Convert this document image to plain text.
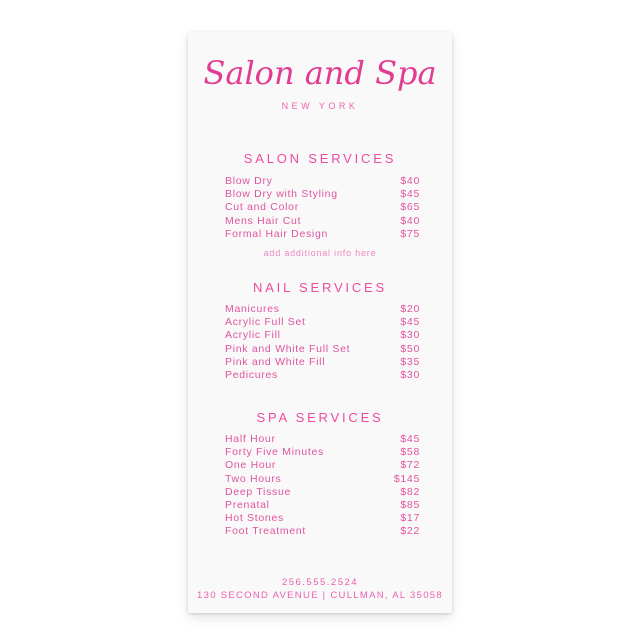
Salon and Spa
NEW YORK
SALON SERVICES
Blow Dry	$40
Blow Dry with Styling	$45
Cut and Color	$65
Mens Hair Cut	$40
Formal Hair Design	$75
add additional info here
NAIL SERVICES
Manicures	$20
Acrylic Full Set	$45
Acrylic Fill	$30
Pink and White Full Set	$50
Pink and White Fill	$35
Pedicures	$30
SPA SERVICES
Half Hour	$45
Forty Five Minutes	$58
One Hour	$72
Two Hours	$145
Deep Tissue	$82
Prenatal	$85
Hot Stones	$17
Foot Treatment	$22
256.555.2524
130 SECOND AVENUE | CULLMAN, AL 35058
